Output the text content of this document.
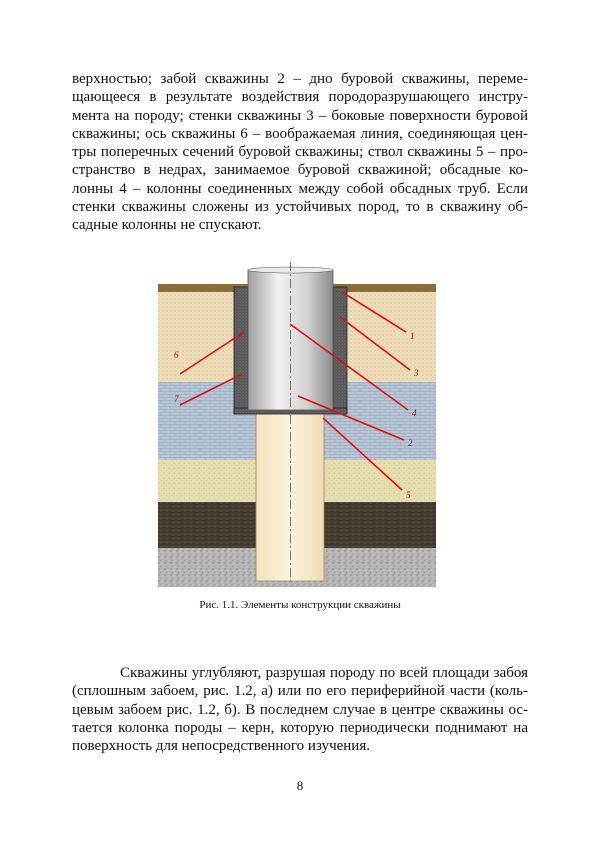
верхностью; забой скважины 2 – дно буровой скважины, переме-
щающееся в результате воздействия породоразрушающего инстру-
мента на породу; стенки скважины 3 – боковые поверхности буровой
скважины; ось скважины 6 – воображаемая линия, соединяющая цен-
тры поперечных сечений буровой скважины; ствол скважины 5 – про-
странство в недрах, занимаемое буровой скважиной; обсадные ко-
лонны 4 – колонны соединенных между собой обсадных труб. Если
стенки скважины сложены из устойчивых пород, то в скважину об-
садные колонны не спускают.
1
3
4
2
5
6
7
Рис. 1.1. Элементы конструкции скважины
Скважины углубляют, разрушая породу по всей площади забоя
(сплошным забоем, рис. 1.2, а) или по его периферийной части (коль-
цевым забоем рис. 1.2, б). В последнем случае в центре скважины ос-
тается колонка породы – керн, которую периодически поднимают на
поверхность для непосредственного изучения.
8
